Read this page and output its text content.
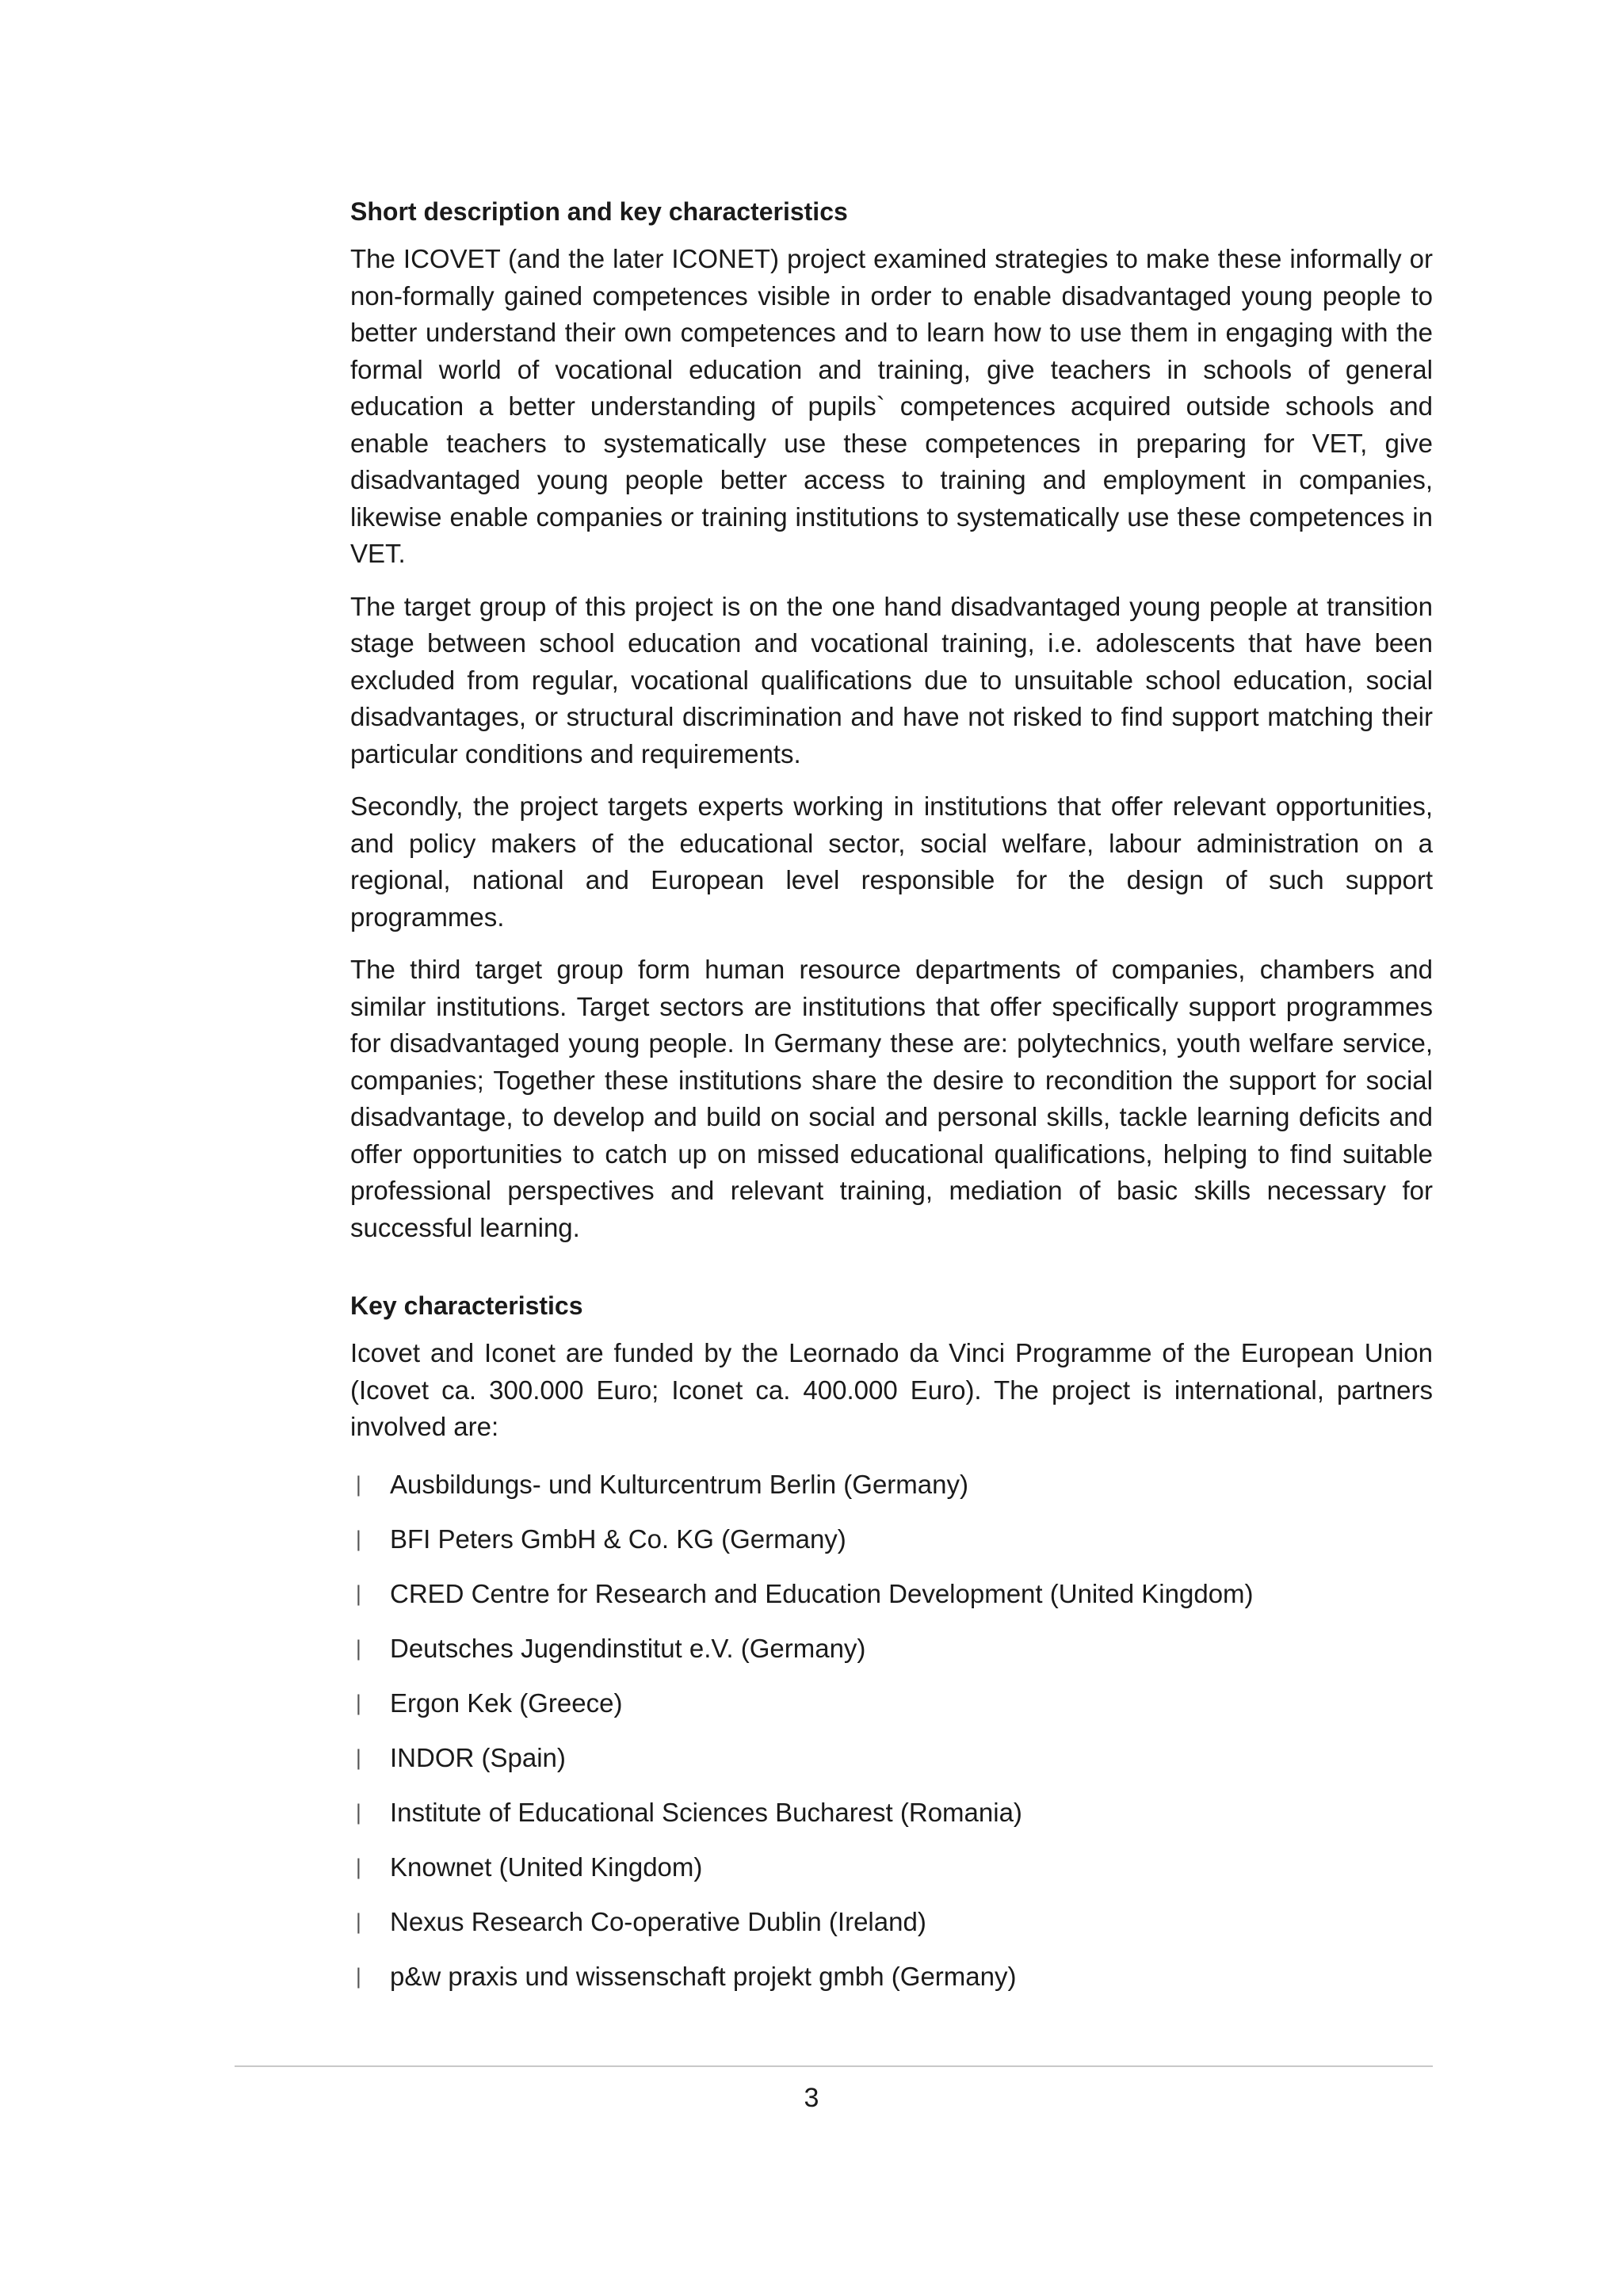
Short description and key characteristics

The ICOVET (and the later ICONET) project examined strategies to make these informally or non-formally gained competences visible in order to enable disadvantaged young people to better understand their own competences and to learn how to use them in engaging with the formal world of vocational education and training, give teachers in schools of general education a better understanding of pupils` competences acquired outside schools and enable teachers to systematically use these competences in preparing for VET, give disadvantaged young people better access to training and employment in companies, likewise enable companies or training institutions to systematically use these competences in VET.

The target group of this project is on the one hand disadvantaged young people at transition stage between school education and vocational training, i.e. adolescents that have been excluded from regular, vocational qualifications due to unsuitable school education, social disadvantages, or structural discrimination and have not risked to find support matching their particular conditions and requirements.

Secondly, the project targets experts working in institutions that offer relevant opportunities, and policy makers of the educational sector, social welfare, labour administration on a regional, national and European level responsible for the design of such support programmes.

The third target group form human resource departments of companies, chambers and similar institutions. Target sectors are institutions that offer specifically support programmes for disadvantaged young people. In Germany these are: polytechnics, youth welfare service, companies; Together these institutions share the desire to recondition the support for social disadvantage, to develop and build on social and personal skills, tackle learning deficits and offer opportunities to catch up on missed educational qualifications, helping to find suitable professional perspectives and relevant training, mediation of basic skills necessary for successful learning.

Key characteristics

Icovet and Iconet are funded by the Leornado da Vinci Programme of the European Union (Icovet ca. 300.000 Euro; Iconet ca. 400.000 Euro). The project is international, partners involved are:

| Ausbildungs- und Kulturcentrum Berlin (Germany)
| BFI Peters GmbH & Co. KG (Germany)
| CRED Centre for Research and Education Development (United Kingdom)
| Deutsches Jugendinstitut e.V. (Germany)
| Ergon Kek (Greece)
| INDOR (Spain)
| Institute of Educational Sciences Bucharest (Romania)
| Knownet (United Kingdom)
| Nexus Research Co-operative Dublin (Ireland)
| p&w praxis und wissenschaft projekt gmbh (Germany)
3
